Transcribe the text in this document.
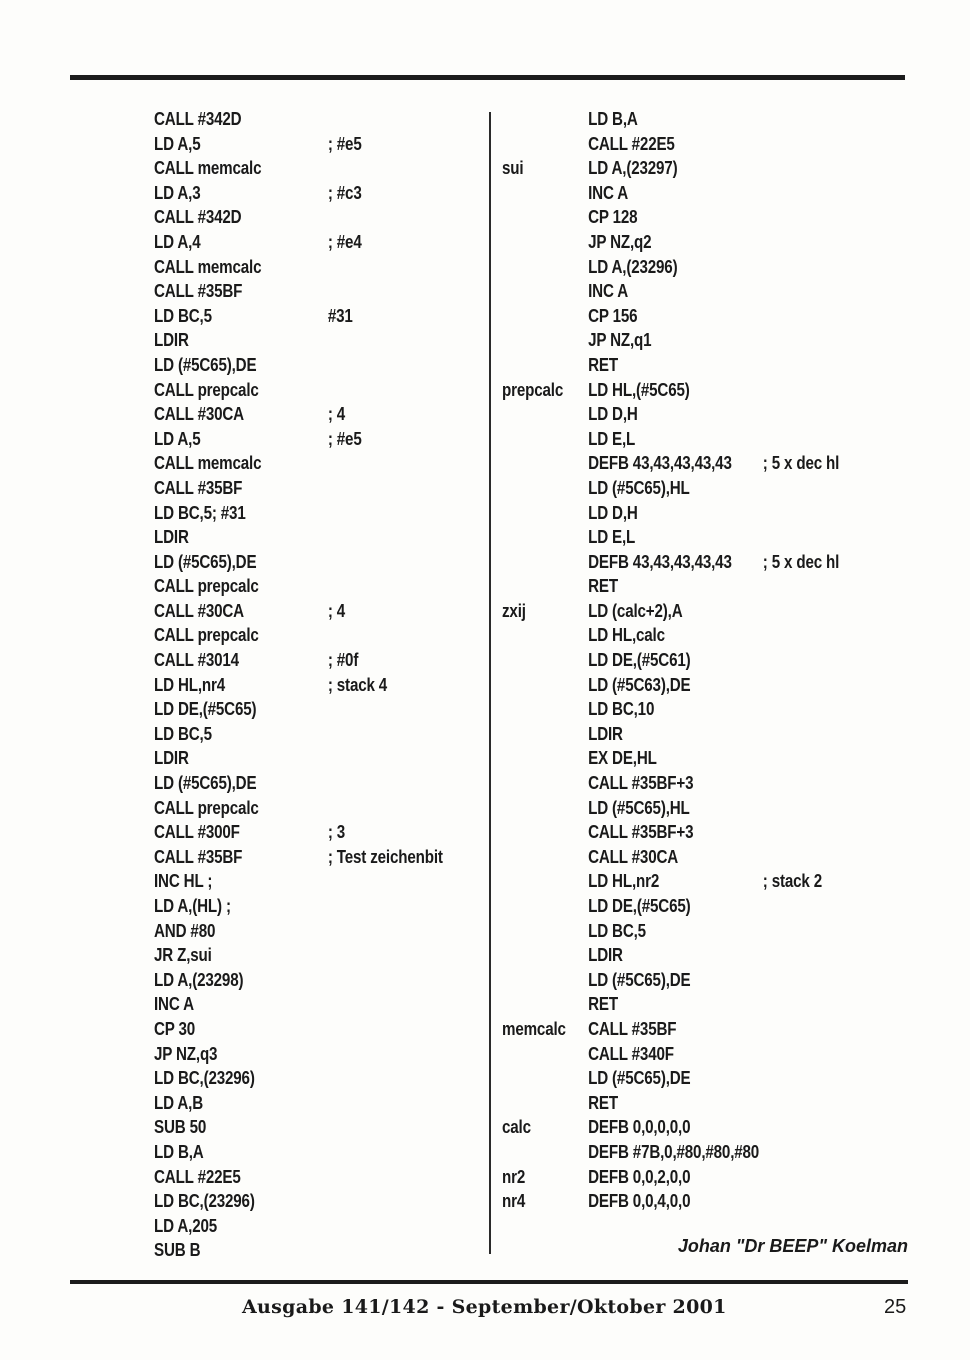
CALL #342D
LD A,5	; #e5
CALL memcalc
LD A,3	; #c3
CALL #342D
LD A,4	; #e4
CALL memcalc
CALL #35BF
LD BC,5	#31
LDIR
LD (#5C65),DE
CALL prepcalc
CALL #30CA	; 4
LD A,5	; #e5
CALL memcalc
CALL #35BF
LD BC,5; #31
LDIR
LD (#5C65),DE
CALL prepcalc
CALL #30CA	; 4
CALL prepcalc
CALL #3014	; #0f
LD HL,nr4	; stack 4
LD DE,(#5C65)
LD BC,5
LDIR
LD (#5C65),DE
CALL prepcalc
CALL #300F	; 3
CALL #35BF	; Test zeichenbit
INC HL ;
LD A,(HL) ;
AND #80
JR Z,sui
LD A,(23298)
INC A
CP 30
JP NZ,q3
LD BC,(23296)
LD A,B
SUB 50
LD B,A
CALL #22E5
LD BC,(23296)
LD A,205
SUB B
LD B,A
CALL #22E5
sui	LD A,(23297)
INC A
CP 128
JP NZ,q2
LD A,(23296)
INC A
CP 156
JP NZ,q1
RET
prepcalc LD HL,(#5C65)
LD D,H
LD E,L
DEFB 43,43,43,43,43 ; 5 x dec hl
LD (#5C65),HL
LD D,H
LD E,L
DEFB 43,43,43,43,43 ; 5 x dec hl
RET
zxij	LD (calc+2),A
LD HL,calc
LD DE,(#5C61)
LD (#5C63),DE
LD BC,10
LDIR
EX DE,HL
CALL #35BF+3
LD (#5C65),HL
CALL #35BF+3
CALL #30CA
LD HL,nr2	; stack 2
LD DE,(#5C65)
LD BC,5
LDIR
LD (#5C65),DE
RET
memcalc CALL #35BF
CALL #340F
LD (#5C65),DE
RET
calc	DEFB 0,0,0,0,0
DEFB #7B,0,#80,#80,#80
nr2	DEFB 0,0,2,0,0
nr4	DEFB 0,0,4,0,0
Johan "Dr BEEP" Koelman
Ausgabe 141/142 - September/Oktober 2001	25
